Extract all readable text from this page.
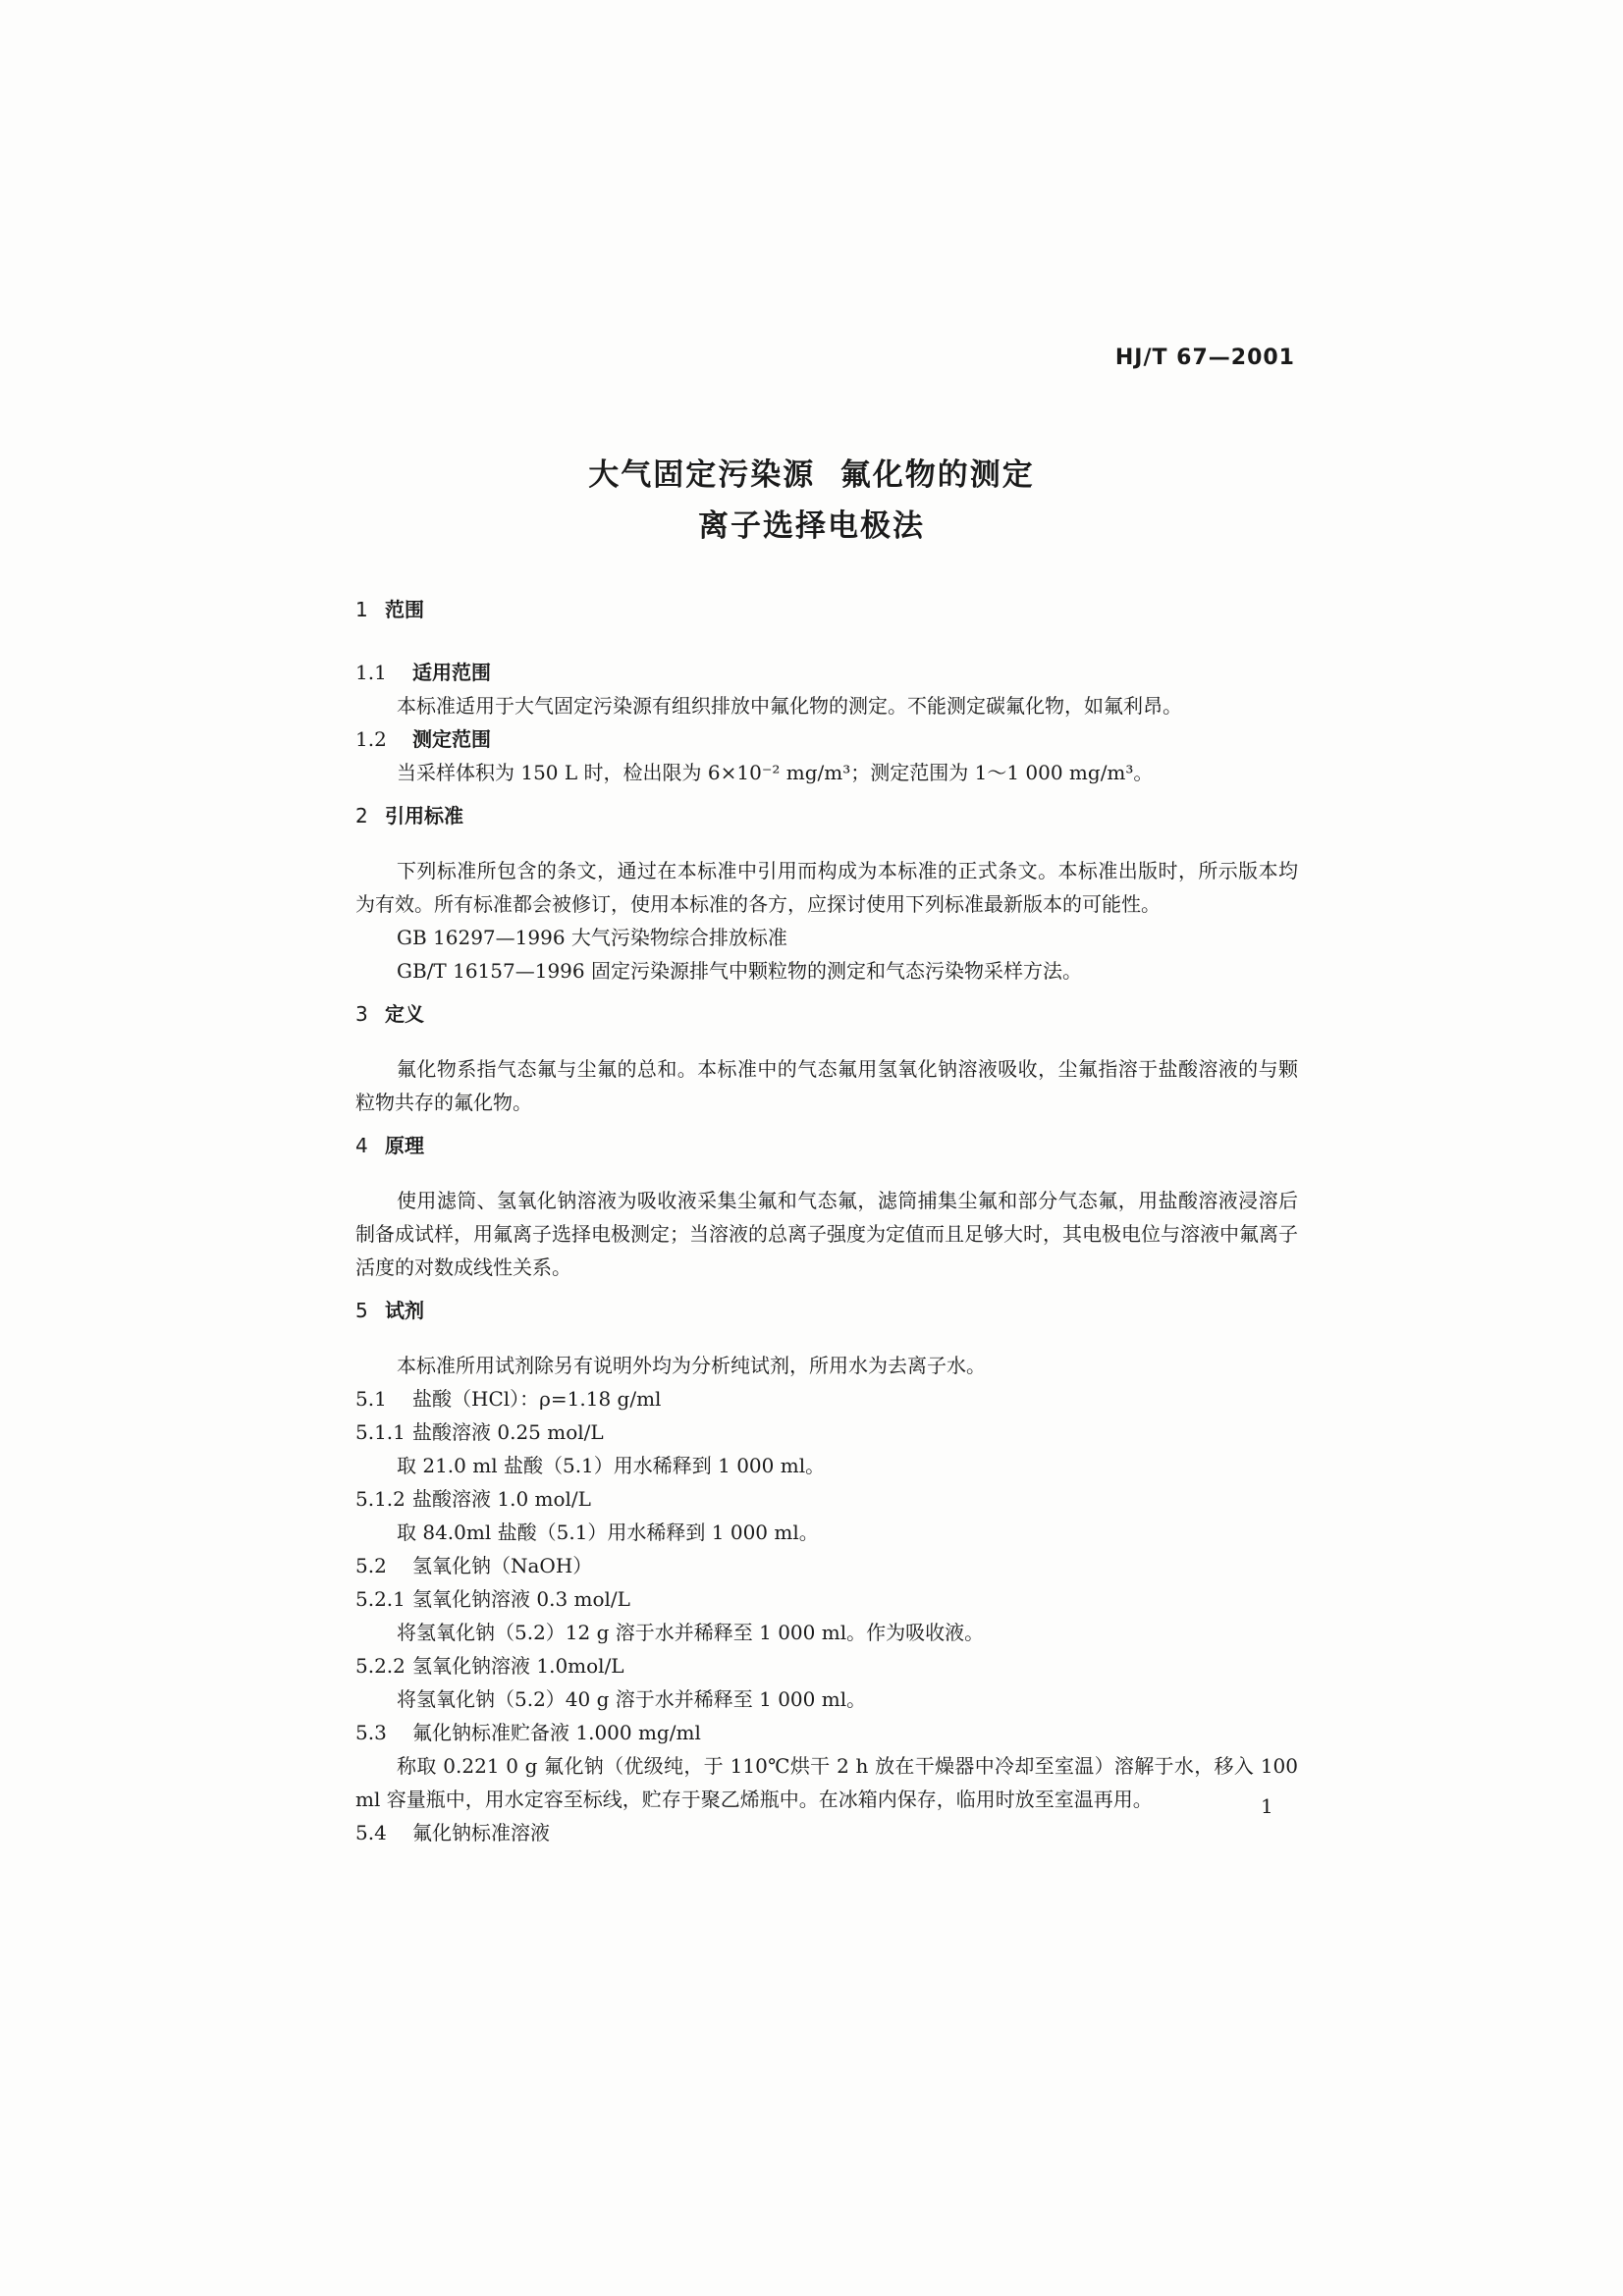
HJ/T 67—2001
大气固定污染源  氟化物的测定
离子选择电极法
1 范围
1.1 适用范围
本标准适用于大气固定污染源有组织排放中氟化物的测定。不能测定碳氟化物，如氟利昂。
1.2 测定范围
当采样体积为 150 L 时，检出限为 6×10⁻² mg/m³；测定范围为 1～1 000 mg/m³。
2 引用标准
下列标准所包含的条文，通过在本标准中引用而构成为本标准的正式条文。本标准出版时，所示版本均为有效。所有标准都会被修订，使用本标准的各方，应探讨使用下列标准最新版本的可能性。
GB 16297—1996 大气污染物综合排放标准
GB/T 16157—1996 固定污染源排气中颗粒物的测定和气态污染物采样方法。
3 定义
氟化物系指气态氟与尘氟的总和。本标准中的气态氟用氢氧化钠溶液吸收，尘氟指溶于盐酸溶液的与颗粒物共存的氟化物。
4 原理
使用滤筒、氢氧化钠溶液为吸收液采集尘氟和气态氟，滤筒捕集尘氟和部分气态氟，用盐酸溶液浸溶后制备成试样，用氟离子选择电极测定；当溶液的总离子强度为定值而且足够大时，其电极电位与溶液中氟离子活度的对数成线性关系。
5 试剂
本标准所用试剂除另有说明外均为分析纯试剂，所用水为去离子水。
5.1 盐酸（HCl）：ρ=1.18 g/ml
5.1.1 盐酸溶液 0.25 mol/L
取 21.0 ml 盐酸（5.1）用水稀释到 1 000 ml。
5.1.2 盐酸溶液 1.0 mol/L
取 84.0ml 盐酸（5.1）用水稀释到 1 000 ml。
5.2 氢氧化钠（NaOH）
5.2.1 氢氧化钠溶液 0.3 mol/L
将氢氧化钠（5.2）12 g 溶于水并稀释至 1 000 ml。作为吸收液。
5.2.2 氢氧化钠溶液 1.0mol/L
将氢氧化钠（5.2）40 g 溶于水并稀释至 1 000 ml。
5.3 氟化钠标准贮备液 1.000 mg/ml
称取 0.221 0 g 氟化钠（优级纯，于 110℃烘干 2 h 放在干燥器中冷却至室温）溶解于水，移入 100 ml 容量瓶中，用水定容至标线，贮存于聚乙烯瓶中。在冰箱内保存，临用时放至室温再用。
5.4 氟化钠标准溶液
1
